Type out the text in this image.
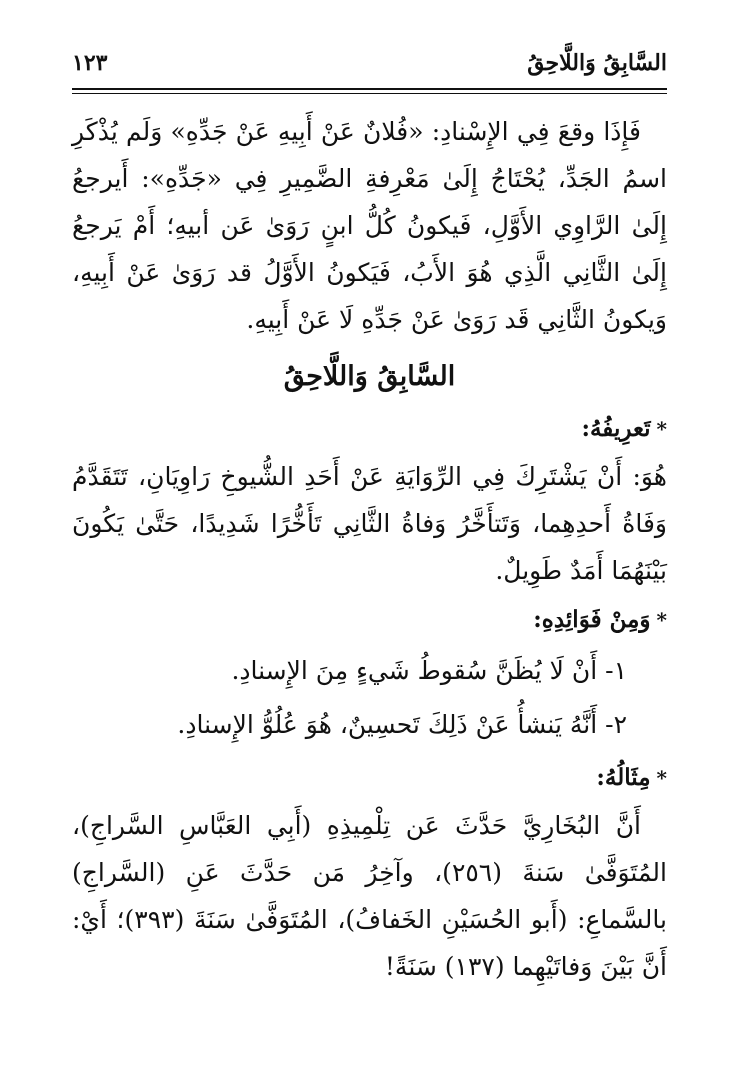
١٢٣	السَّابِقُ وَاللَّاحِقُ

فَإِذَا وقعَ فِي الإِسْنادِ: «فُلانٌ عَنْ أَبِيهِ عَنْ جَدِّهِ» وَلَم يُذْكَرِ اسمُ الجَدِّ، يُحْتَاجُ إِلَىٰ مَعْرِفةِ الضَّمِيرِ فِي «جَدِّهِ»: أَيرجعُ إِلَىٰ الرَّاوِي الأَوَّلِ، فَيكونُ كُلُّ ابنٍ رَوَىٰ عَن أبيهِ؛ أَمْ يَرجعُ إِلَىٰ الثَّانِي الَّذِي هُوَ الأَبُ، فَيَكونُ الأَوَّلُ قد رَوَىٰ عَنْ أَبِيهِ، وَيكونُ الثَّانِي قَد رَوَىٰ عَنْ جَدِّهِ لَا عَنْ أَبِيهِ.

السَّابِقُ وَاللَّاحِقُ
*تَعرِيفُهُ:

هُوَ: أَنْ يَشْتَرِكَ فِي الرِّوَايَةِ عَنْ أَحَدِ الشُّيوخِ رَاوِيَانِ، تَتَقَدَّمُ وَفَاةُ أَحدِهِما، وَتَتأَخَّرُ وَفاةُ الثَّانِي تَأَخُّرًا شَدِيدًا، حَتَّىٰ يَكُونَ بَيْنَهُمَا أَمَدٌ طَوِيلٌ.

*وَمِنْ فَوَائِدِهِ:

١- أَنْ لَا يُظَنَّ سُقوطُ شَيءٍ مِنَ الإِسنادِ.

٢- أَنَّهُ يَنشأُ عَنْ ذَلِكَ تَحسِينٌ، هُوَ عُلُوُّ الإِسنادِ.

*مِثَالُهُ:

أَنَّ البُخَارِيَّ حَدَّثَ عَن تِلْمِيذِهِ (أَبِي العَبَّاسِ السَّراجِ)، المُتَوَفَّىٰ سَنةَ (٢٥٦)، وآخِرُ مَن حَدَّثَ عَنِ (السَّراجِ) بالسَّماعِ: (أَبو الحُسَيْنِ الخَفافُ)، المُتَوَفَّىٰ سَنَةَ (٣٩٣)؛ أَيْ: أَنَّ بَيْنَ وَفاتَيْهِما (١٣٧) سَنَةً!
